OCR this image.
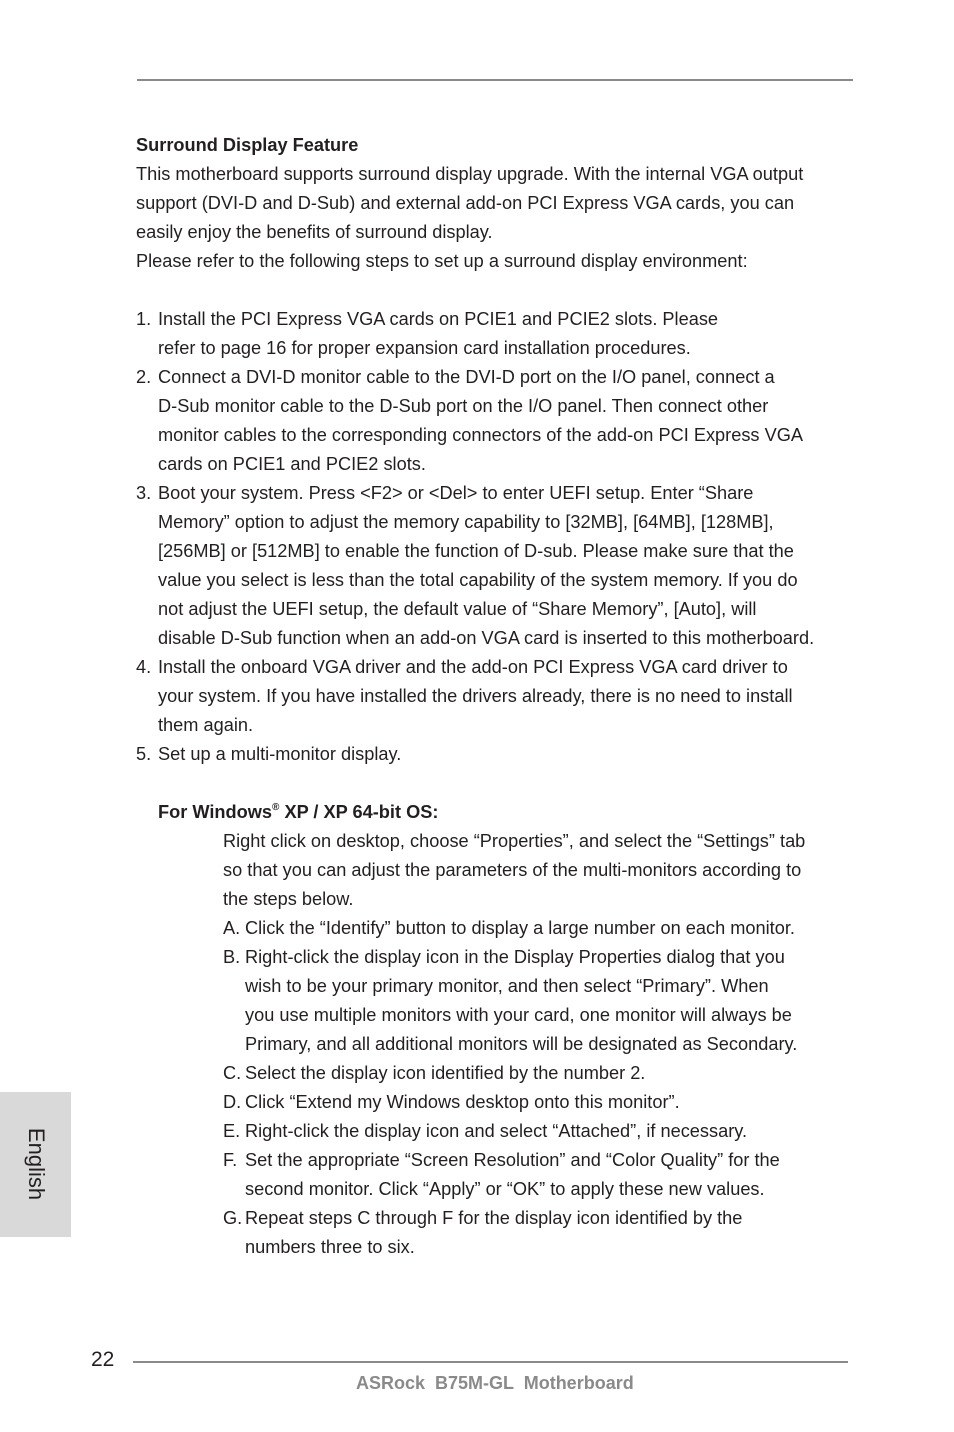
Surround Display Feature
This motherboard supports surround display upgrade. With the internal VGA output
support (DVI-D and D-Sub) and external add-on PCI Express VGA cards, you can
easily enjoy the benefits of surround display.
Please refer to the following steps to set up a surround display environment:
1. Install the PCI Express VGA cards on PCIE1 and PCIE2 slots. Please
refer to page 16 for proper expansion card installation procedures.
2. Connect a DVI-D monitor cable to the DVI-D port on the I/O panel, connect a
D-Sub monitor cable to the D-Sub port on the I/O panel. Then connect other
monitor cables to the corresponding connectors of the add-on PCI Express VGA
cards on PCIE1 and PCIE2 slots.
3. Boot your system. Press <F2> or <Del> to enter UEFI setup. Enter “Share
Memory” option to adjust the memory capability to [32MB], [64MB], [128MB],
[256MB] or [512MB] to enable the function of D-sub. Please make sure that the
value you select is less than the total capability of the system memory. If you do
not adjust the UEFI setup, the default value of “Share Memory”, [Auto], will
disable D-Sub function when an add-on VGA card is inserted to this motherboard.
4. Install the onboard VGA driver and the add-on PCI Express VGA card driver to
your system. If you have installed the drivers already, there is no need to install
them again.
5. Set up a multi-monitor display.
For Windows® XP / XP 64-bit OS:
Right click on desktop, choose “Properties”, and select the “Settings” tab
so that you can adjust the parameters of the multi-monitors according to
the steps below.
A. Click the “Identify” button to display a large number on each monitor.
B. Right-click the display icon in the Display Properties dialog that you
wish to be your primary monitor, and then select “Primary”. When
you use multiple monitors with your card, one monitor will always be
Primary, and all additional monitors will be designated as Secondary.
C. Select the display icon identified by the number 2.
D. Click “Extend my Windows desktop onto this monitor”.
E. Right-click the display icon and select “Attached”, if necessary.
F. Set the appropriate “Screen Resolution” and “Color Quality” for the
second monitor. Click “Apply” or “OK” to apply these new values.
G. Repeat steps C through F for the display icon identified by the
numbers three to six.
English
22
ASRock  B75M-GL  Motherboard
